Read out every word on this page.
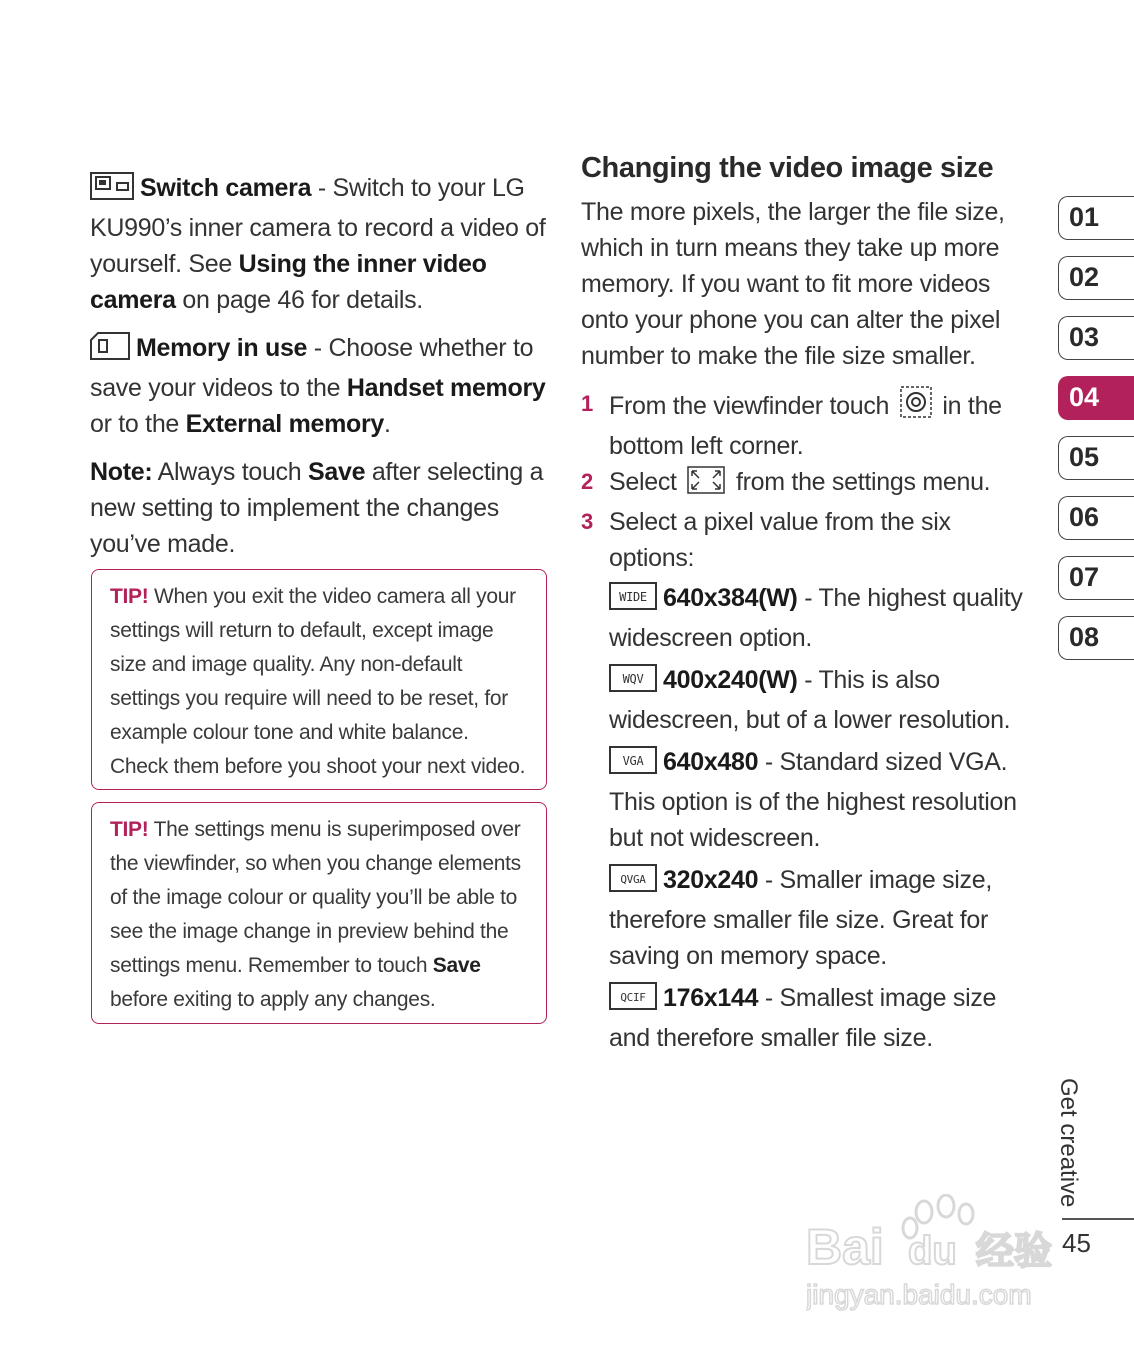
Switch camera - Switch to your LG KU990’s inner camera to record a video of yourself. See Using the inner video camera on page 46 for details.

Memory in use - Choose whether to save your videos to the Handset memory or to the External memory.

Note: Always touch Save after selecting a new setting to implement the changes you’ve made.

TIP! When you exit the video camera all your settings will return to default, except image size and image quality. Any non-default settings you require will need to be reset, for example colour tone and white balance. Check them before you shoot your next video.
TIP! The settings menu is superimposed over the viewfinder, so when you change elements of the image colour or quality you’ll be able to see the image change in preview behind the settings menu. Remember to touch Save before exiting to apply any changes.
Changing the video image size

The more pixels, the larger the file size, which in turn means they take up more memory. If you want to fit more videos onto your phone you can alter the pixel number to make the file size smaller.

1 From the viewfinder touch  in the bottom left corner.
2 Select  from the settings menu.
3 Select a pixel value from the six options:
WIDE 640x384(W) - The highest quality widescreen option.
WQV 400x240(W) - This is also widescreen, but of a lower resolution.
VGA 640x480 - Standard sized VGA. This option is of the highest resolution but not widescreen.
QVGA 320x240 - Smaller image size, therefore smaller file size. Great for saving on memory space.
QCIF 176x144 - Smallest image size and therefore smaller file size.
01
02
03
04
05
06
07
08
Get creative
45
Bai du 经验
jingyan.baidu.com
